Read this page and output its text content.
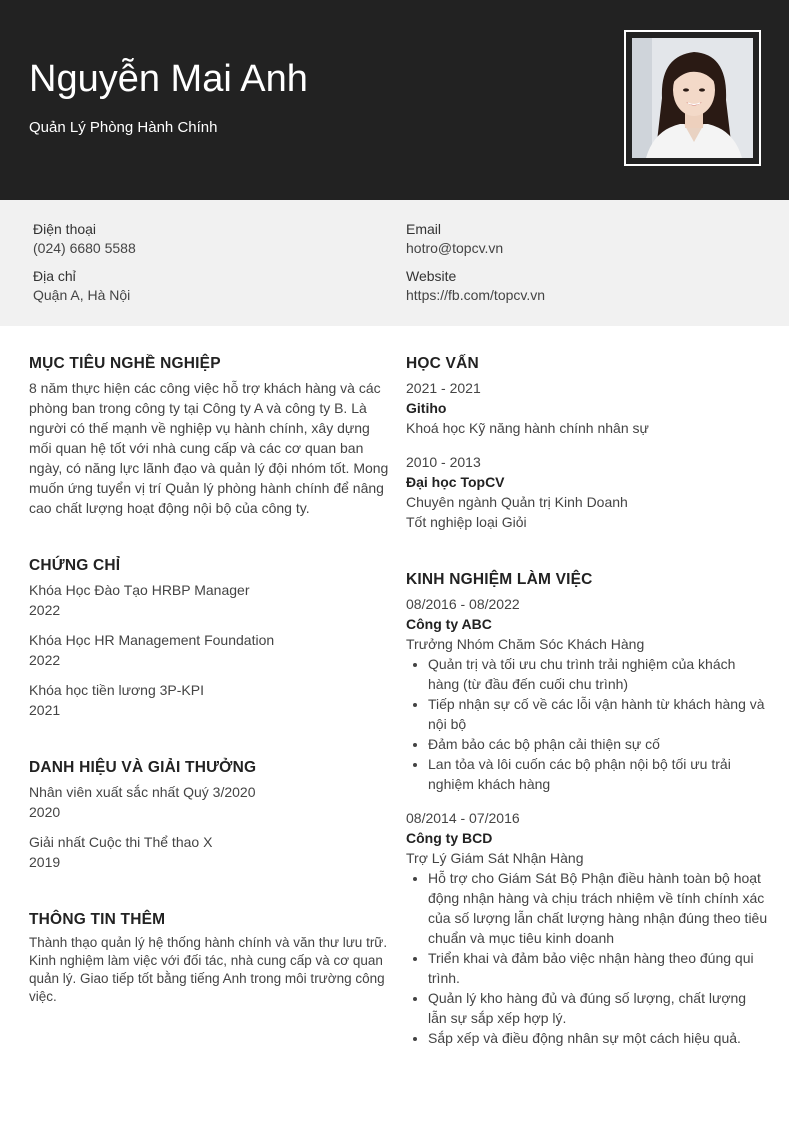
Nguyễn Mai Anh
Quản Lý Phòng Hành Chính
Điện thoại
(024) 6680 5588
Địa chỉ
Quận A, Hà Nội
Email
hotro@topcv.vn
Website
https://fb.com/topcv.vn
MỤC TIÊU NGHỀ NGHIỆP

8 năm thực hiện các công việc hỗ trợ khách hàng và các phòng ban trong công ty tại Công ty A và công ty B. Là người có thế mạnh về nghiệp vụ hành chính, xây dựng mối quan hệ tốt với nhà cung cấp và các cơ quan ban ngày, có năng lực lãnh đạo và quản lý đội nhóm tốt. Mong muốn ứng tuyển vị trí Quản lý phòng hành chính để nâng cao chất lượng hoạt động nội bộ của công ty.

CHỨNG CHỈ
Khóa Học Đào Tạo HRBP Manager
2022
Khóa Học HR Management Foundation
2022
Khóa học tiền lương 3P-KPI
2021
DANH HIỆU VÀ GIẢI THƯỞNG
Nhân viên xuất sắc nhất Quý 3/2020
2020
Giải nhất Cuộc thi Thể thao X
2019
THÔNG TIN THÊM

Thành thạo quản lý hệ thống hành chính và văn thư lưu trữ. Kinh nghiệm làm việc với đối tác, nhà cung cấp và cơ quan quản lý. Giao tiếp tốt bằng tiếng Anh trong môi trường công việc.

HỌC VẤN
2021 - 2021
Gitiho
Khoá học Kỹ năng hành chính nhân sự
2010 - 2013
Đại học TopCV
Chuyên ngành Quản trị Kinh Doanh
Tốt nghiệp loại Giỏi
KINH NGHIỆM LÀM VIỆC
08/2016 - 08/2022
Công ty ABC
Trưởng Nhóm Chăm Sóc Khách Hàng
• Quản trị và tối ưu chu trình trải nghiệm của khách hàng (từ đầu đến cuối chu trình)
• Tiếp nhận sự cố về các lỗi vận hành từ khách hàng và nội bộ
• Đảm bảo các bộ phận cải thiện sự cố
• Lan tỏa và lôi cuốn các bộ phận nội bộ tối ưu trải nghiệm khách hàng
08/2014 - 07/2016
Công ty BCD
Trợ Lý Giám Sát Nhận Hàng
• Hỗ trợ cho Giám Sát Bộ Phận điều hành toàn bộ hoạt động nhận hàng và chịu trách nhiệm về tính chính xác của số lượng lẫn chất lượng hàng nhận đúng theo tiêu chuẩn và mục tiêu kinh doanh
• Triển khai và đảm bảo việc nhận hàng theo đúng qui trình.
• Quản lý kho hàng đủ và đúng số lượng, chất lượng lẫn sự sắp xếp hợp lý.
• Sắp xếp và điều động nhân sự một cách hiệu quả.
